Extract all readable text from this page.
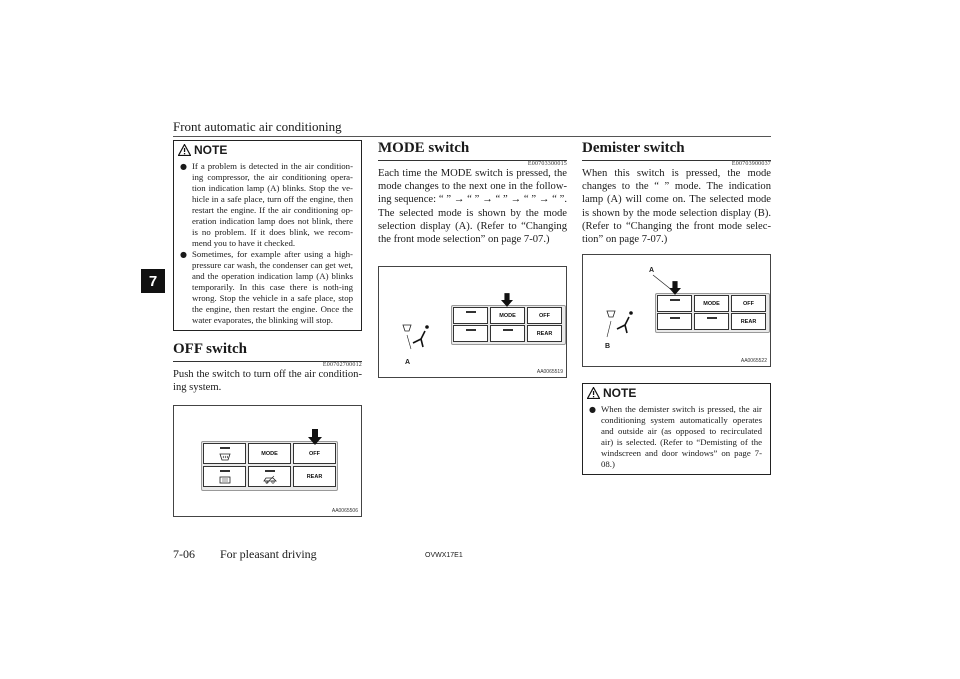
Front automatic air conditioning
7
NOTE
● If a problem is detected in the air condition-ing compressor, the air conditioning opera-tion indication lamp (A) blinks. Stop the ve-hicle in a safe place, turn off the engine, then restart the engine. If the air conditioning op-eration indication lamp does not blink, there is no problem. If it does blink, we recom-mend you to have it checked.
● Sometimes, for example after using a high-pressure car wash, the condenser can get wet, and the operation indication lamp (A) blinks temporarily. In this case there is noth-ing wrong. Stop the vehicle in a safe place, stop the engine, then restart the engine. Once the water evaporates, the blinking will stop.
OFF switch

E00702700012

Push the switch to turn off the air condition-ing system.

MODE	OFF
REAR
AA0065506
MODE switch

E00703300015

Each time the MODE switch is pressed, the mode changes to the next one in the follow-ing sequence: “ ” → “ ” → “ ” → “ ” → “ ”. The selected mode is shown by the mode selection display (A). (Refer to “Changing the front mode selection” on page 7-07.)

MODE	OFF
REAR
A
AA0065519
Demister switch

E00703900037

When this switch is pressed, the mode changes to the “ ” mode. The indication lamp (A) will come on. The selected mode is shown by the mode selection display (B). (Refer to “Changing the front mode selec-tion” on page 7-07.)

MODE	OFF
REAR
A
B
AA0065522
NOTE
● When the demister switch is pressed, the air conditioning system automatically operates and outside air (as opposed to recirculated air) is selected. (Refer to “Demisting of the windscreen and door windows” on page 7-08.)
7-06 For pleasant driving	OVWX17E1
